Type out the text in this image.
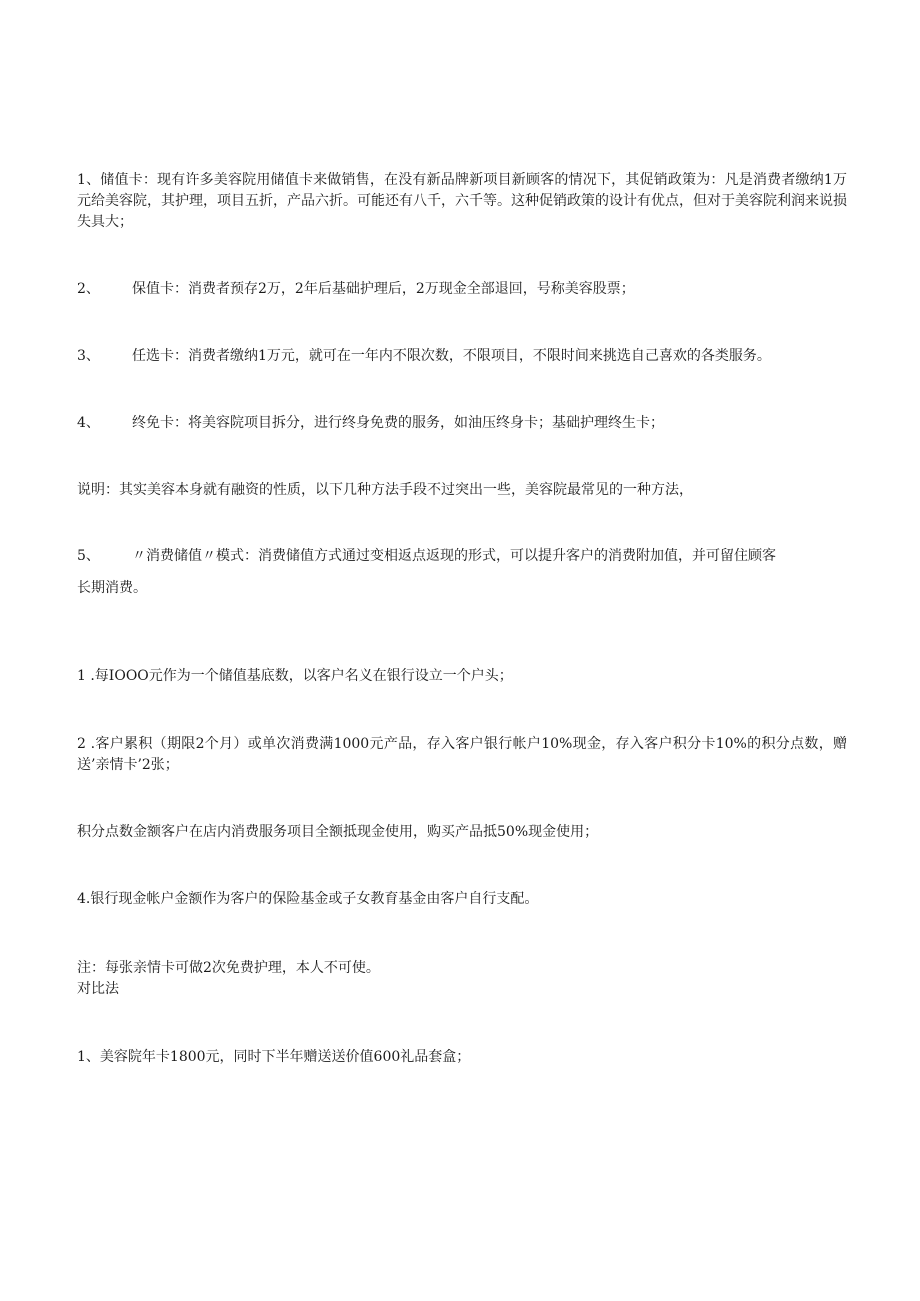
1、储值卡：现有许多美容院用储值卡来做销售，在没有新品牌新项目新顾客的情况下，其促销政策为：凡是消费者缴纳1万元给美容院，其护理，项目五折，产品六折。可能还有八千，六千等。这种促销政策的设计有优点，但对于美容院利润来说损失具大；

2、	保值卡：消费者预存2万，2年后基础护理后，2万现金全部退回，号称美容股票；
3、	任选卡：消费者缴纳1万元，就可在一年内不限次数，不限项目，不限时间来挑选自己喜欢的各类服务。
4、	终免卡：将美容院项目拆分，进行终身免费的服务，如油压终身卡；基础护理终生卡；

说明：其实美容本身就有融资的性质，以下几种方法手段不过突出一些，美容院最常见的一种方法，

5、	〃消费储值〃模式：消费储值方式通过变相返点返现的形式，可以提升客户的消费附加值，并可留住顾客
长期消费。

1 .每IOOO元作为一个储值基底数，以客户名义在银行设立一个户头；

2 .客户累积（期限2个月）或单次消费满1000元产品，存入客户银行帐户10%现金，存入客户积分卡10%的积分点数，赠送’亲情卡’2张；

积分点数金额客户在店内消费服务项目全额抵现金使用，购买产品抵50%现金使用；

4.银行现金帐户金额作为客户的保险基金或子女教育基金由客户自行支配。

注：每张亲情卡可做2次免费护理，本人不可使。

对比法

1、美容院年卡1800元，同时下半年赠送送价值600礼品套盒；
